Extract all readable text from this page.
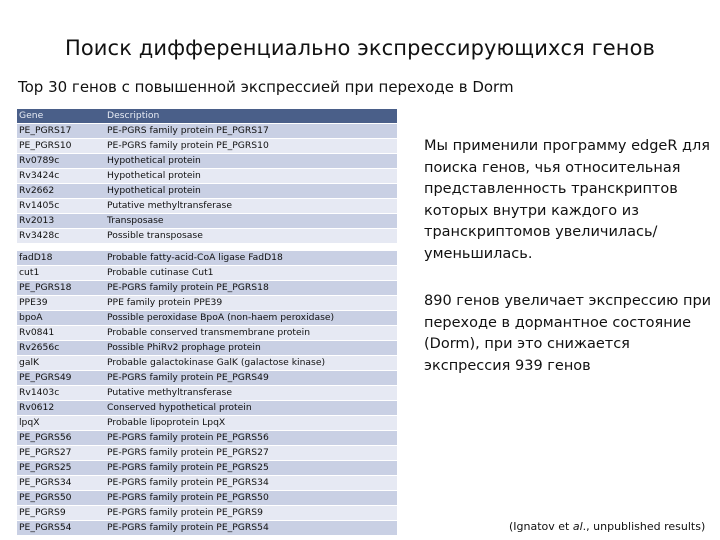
Поиск дифференциально экспрессирующихся генов
Top 30 генов с повышенной экспрессией при переходе в Dorm
Gene	Description
PE_PGRS17	PE-PGRS family protein PE_PGRS17
PE_PGRS10	PE-PGRS family protein PE_PGRS10
Rv0789c	Hypothetical protein
Rv3424c	Hypothetical protein
Rv2662	Hypothetical protein
Rv1405c	Putative methyltransferase
Rv2013	Transposase
Rv3428c	Possible transposase

fadD18	Probable fatty-acid-CoA ligase FadD18
cut1	Probable cutinase Cut1
PE_PGRS18	PE-PGRS family protein PE_PGRS18
PPE39	PPE family protein PPE39
bpoA	Possible peroxidase BpoA (non-haem peroxidase)
Rv0841	Probable conserved transmembrane protein
Rv2656c	Possible PhiRv2 prophage protein
galK	Probable galactokinase GalK (galactose kinase)
PE_PGRS49	PE-PGRS family protein PE_PGRS49
Rv1403c	Putative methyltransferase
Rv0612	Conserved hypothetical protein
lpqX	Probable lipoprotein LpqX
PE_PGRS56	PE-PGRS family protein PE_PGRS56
PE_PGRS27	PE-PGRS family protein PE_PGRS27
PE_PGRS25	PE-PGRS family protein PE_PGRS25
PE_PGRS34	PE-PGRS family protein PE_PGRS34
PE_PGRS50	PE-PGRS family protein PE_PGRS50
PE_PGRS9	PE-PGRS family protein PE_PGRS9
PE_PGRS54	PE-PGRS family protein PE_PGRS54
Мы применили программу edgeR для поиска генов, чья относительная представленность транскриптов которых внутри каждого из транскриптомов увеличилась/уменьшилась.
890 генов увеличает экспрессию при переходе в дормантное состояние (Dorm), при это снижается экспрессия 939 генов
(Ignatov et al., unpublished results)
